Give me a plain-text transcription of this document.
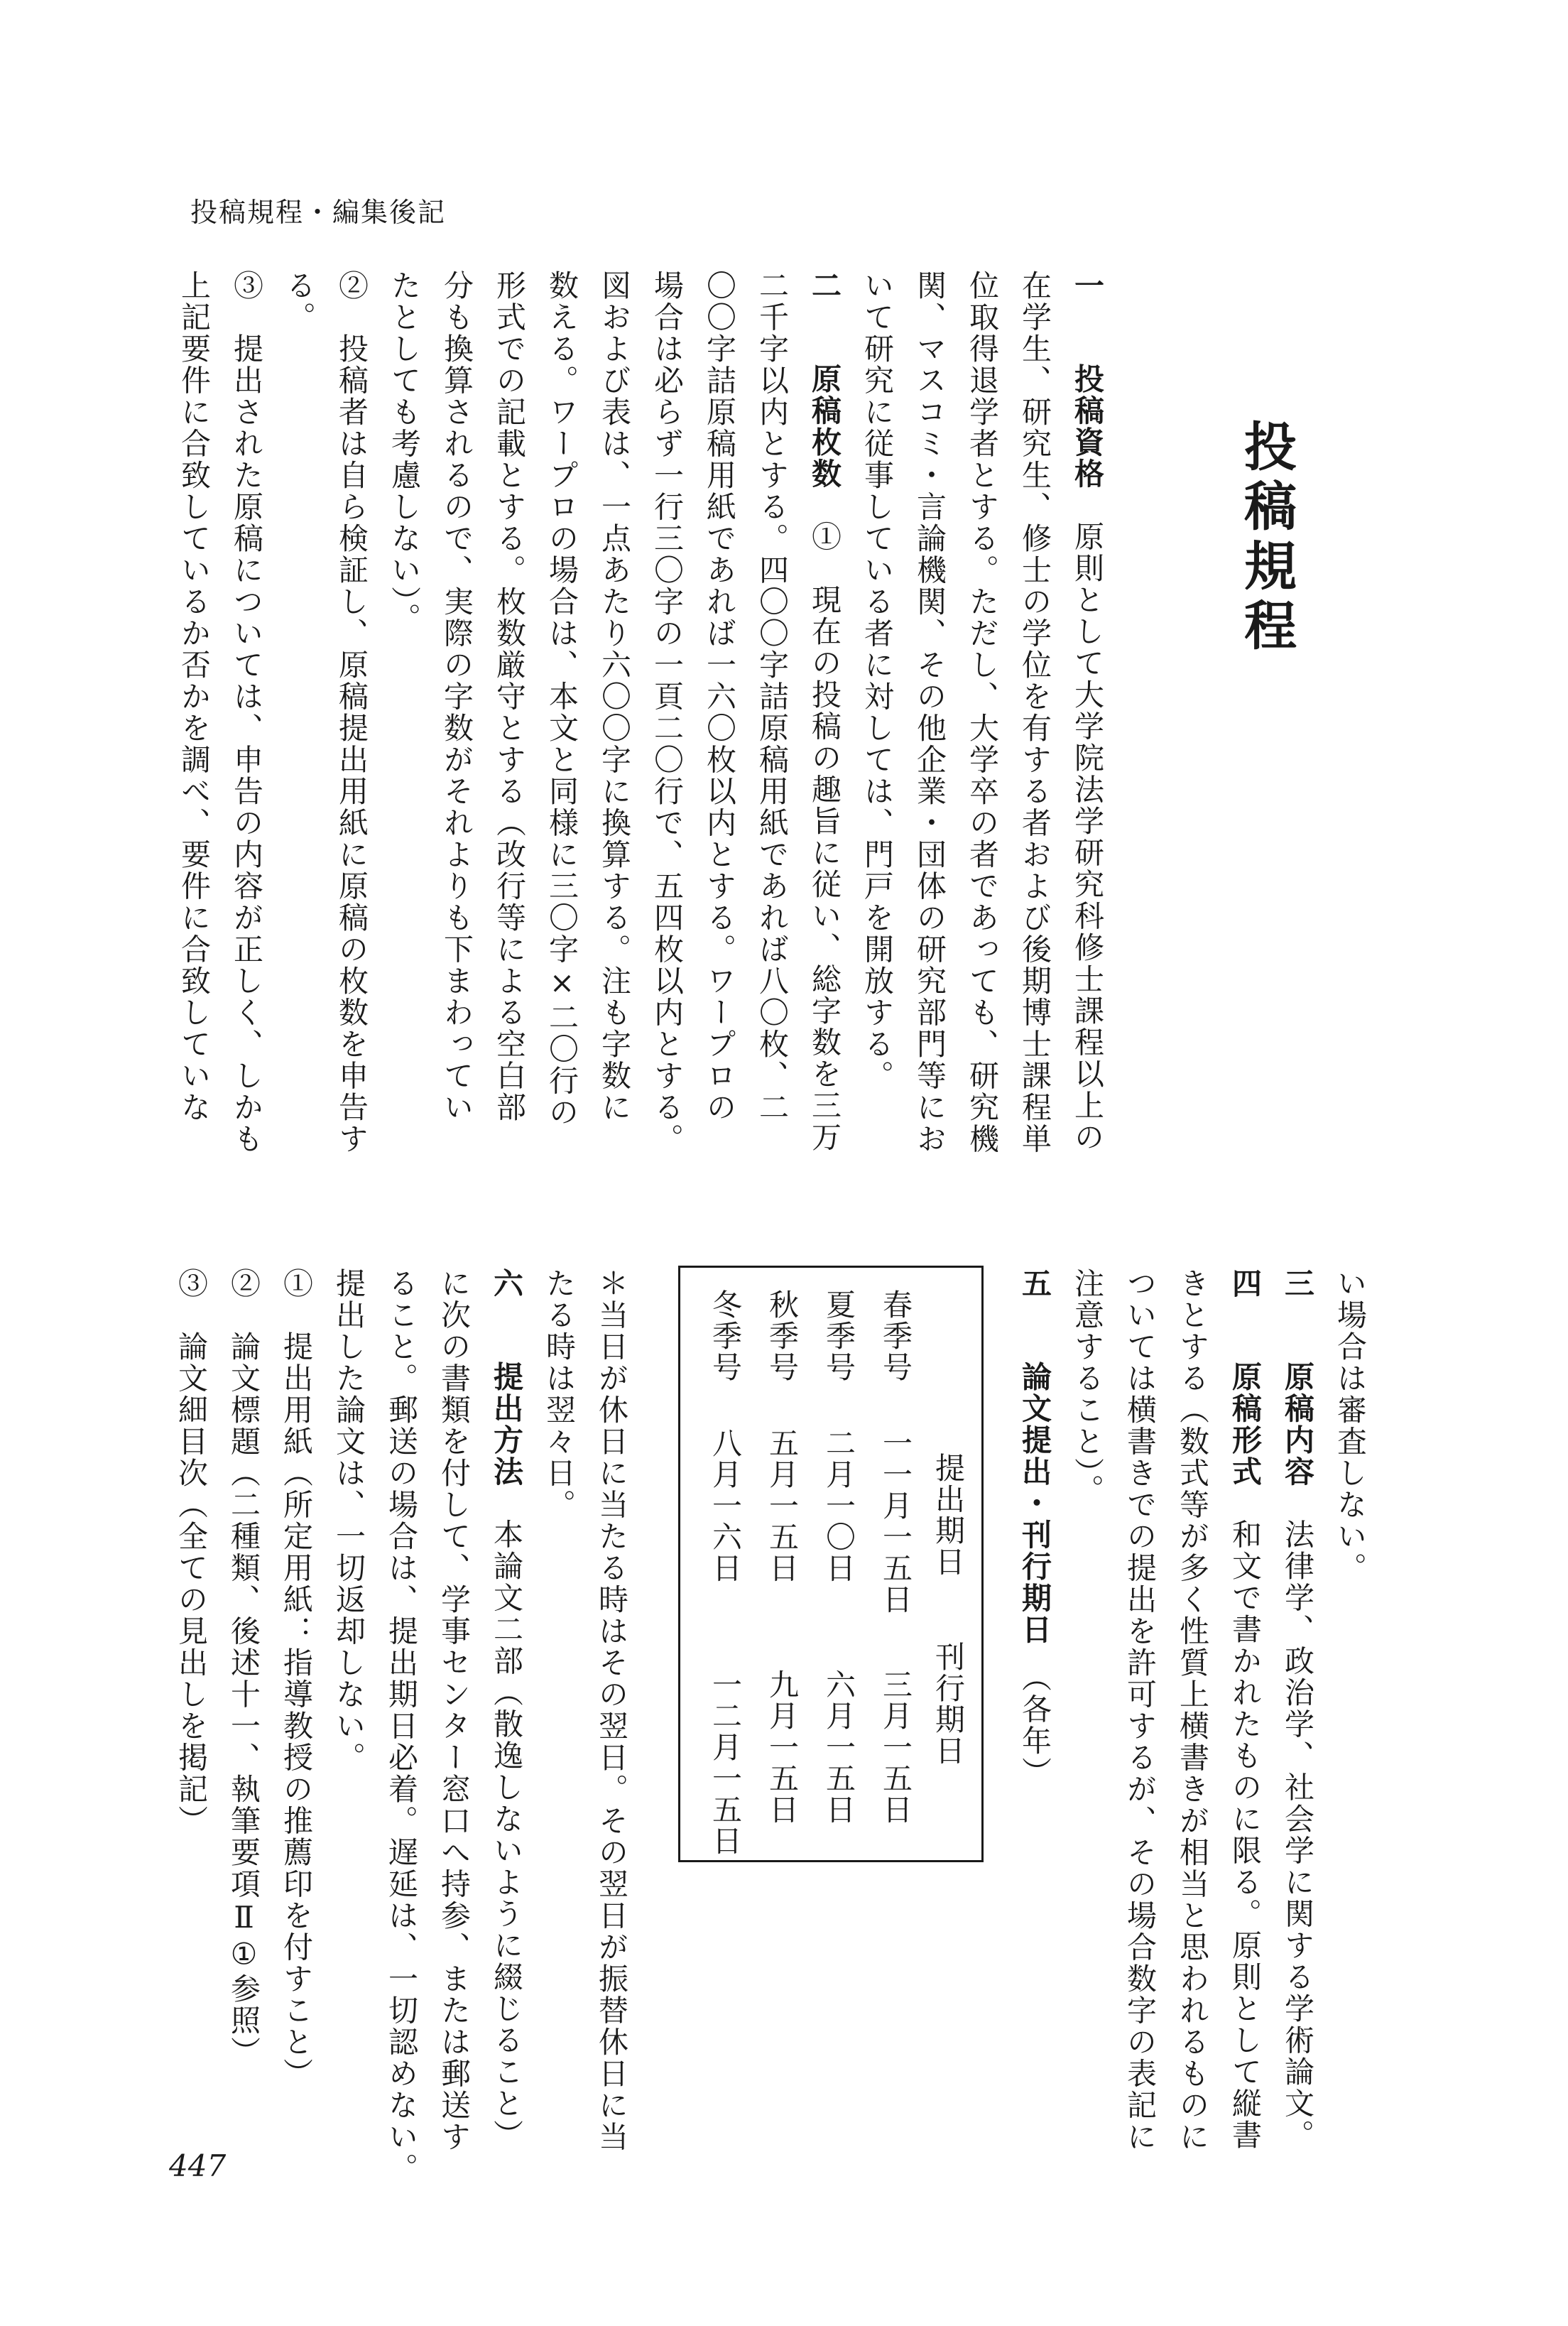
投稿規程・編集後記
投稿規程
一　投稿資格　原則として大学院法学研究科修士課程以上の
在学生、研究生、修士の学位を有する者および後期博士課程単
位取得退学者とする。ただし、大学卒の者であっても、研究機
関、マスコミ・言論機関、その他企業・団体の研究部門等にお
いて研究に従事している者に対しては、門戸を開放する。
二　原稿枚数　①　現在の投稿の趣旨に従い、総字数を三万
二千字以内とする。四〇〇字詰原稿用紙であれば八〇枚、二
〇〇字詰原稿用紙であれば一六〇枚以内とする。ワープロの
場合は必らず一行三〇字の一頁二〇行で、五四枚以内とする。
図および表は、一点あたり六〇〇字に換算する。注も字数に
数える。ワープロの場合は、本文と同様に三〇字×二〇行の
形式での記載とする。枚数厳守とする（改行等による空白部
分も換算されるので、実際の字数がそれよりも下まわってい
たとしても考慮しない）。
②　投稿者は自ら検証し、原稿提出用紙に原稿の枚数を申告す
る。
③　提出された原稿については、申告の内容が正しく、しかも
上記要件に合致しているか否かを調べ、要件に合致していな
い場合は審査しない。
三　原稿内容　法律学、政治学、社会学に関する学術論文。
四　原稿形式　和文で書かれたものに限る。原則として縦書
きとする（数式等が多く性質上横書きが相当と思われるものに
ついては横書きでの提出を許可するが、その場合数字の表記に
注意すること）。
五　論文提出・刊行期日　（各年）
提出期日刊行期日
春季号一一月一五日三月一五日
夏季号二月一〇日六月一五日
秋季号五月一五日九月一五日
冬季号八月一六日一二月一五日
＊当日が休日に当たる時はその翌日。その翌日が振替休日に当
たる時は翌々日。
六　提出方法　本論文二部（散逸しないように綴じること）
に次の書類を付して、学事センター窓口へ持参、または郵送す
ること。郵送の場合は、提出期日必着。遅延は、一切認めない。
提出した論文は、一切返却しない。
①　提出用紙（所定用紙：指導教授の推薦印を付すこと）
②　論文標題（二種類、後述十一、執筆要項Ⅱ①参照）
③　論文細目次（全ての見出しを掲記）
447
